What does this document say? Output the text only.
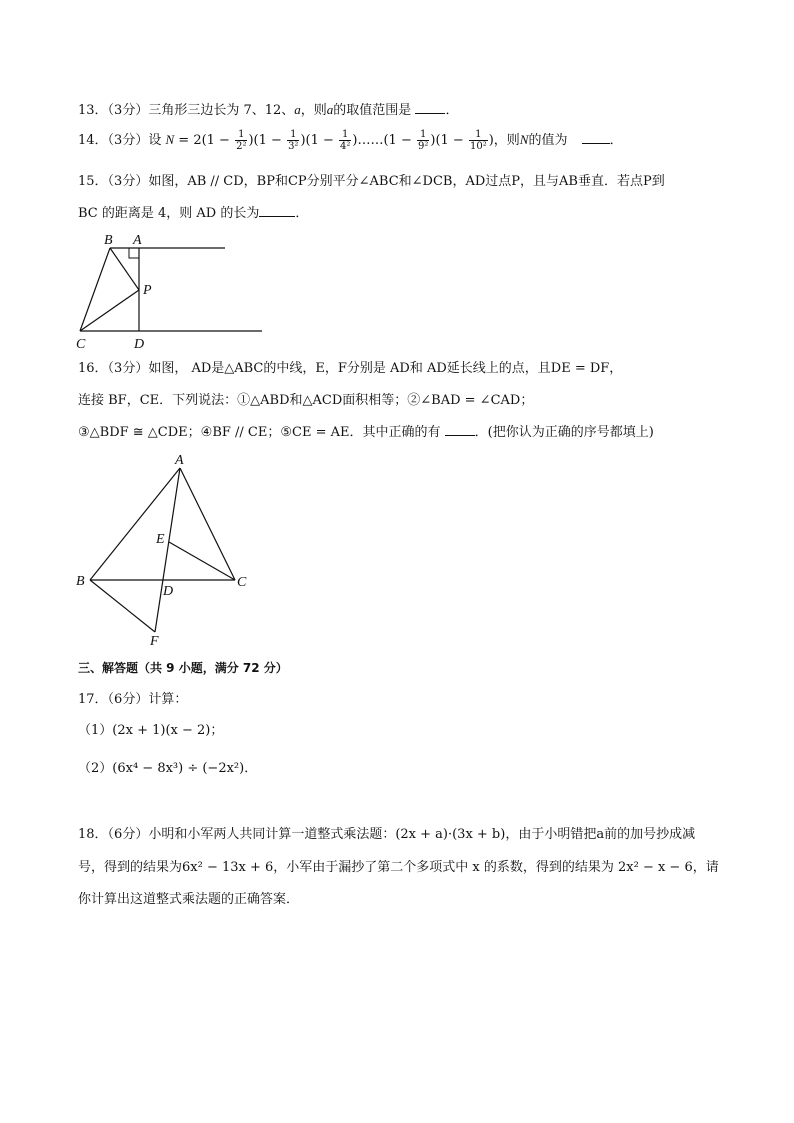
13．（3分）三角形三边长为 7、12、a，则a的取值范围是	．
14．（3分）设 $N = 2(1 - \frac{1}{\text{2²}} )(1 - \frac{1}{\text{3²}} )(1 - \frac{1}{\text{4²}}$ )……(1 − $\frac{1}{\text{9²}} )(1 - \frac{1}{\text{10²}}$ )，则N的值为	．
15．（3分）如图，AB // CD，BP和CP分别平分∠ABC和∠DCB，AD过点P，且与AB垂直．若点P到
BC 的距离是 4，则 AD 的长为	．
B A
P
C	D
16．（3分）如图， AD是△ABC的中线，E，F分别是 AD和 AD延长线上的点，且DE = DF，
连接 BF，CE．下列说法：①△ABD和△ACD面积相等；②∠BAD = ∠CAD；
③△BDF ≅ △CDE；④BF // CE；⑤CE = AE．其中正确的有	．(把你认为正确的序号都填上)
A
E
B
D
C
F
三、解答题（共 9 小题，满分 72 分）
17．（6分）计算：
（1）(2x + 1)(x − 2)；
（2）(6x⁴ − 8x³) ÷ (−2x²)．
18．（6分）小明和小军两人共同计算一道整式乘法题：(2x + a)·(3x + b)，由于小明错把a前的加号抄成减
号，得到的结果为6x² − 13x + 6，小军由于漏抄了第二个多项式中 x 的系数，得到的结果为 2x² − x − 6，请
你计算出这道整式乘法题的正确答案．
